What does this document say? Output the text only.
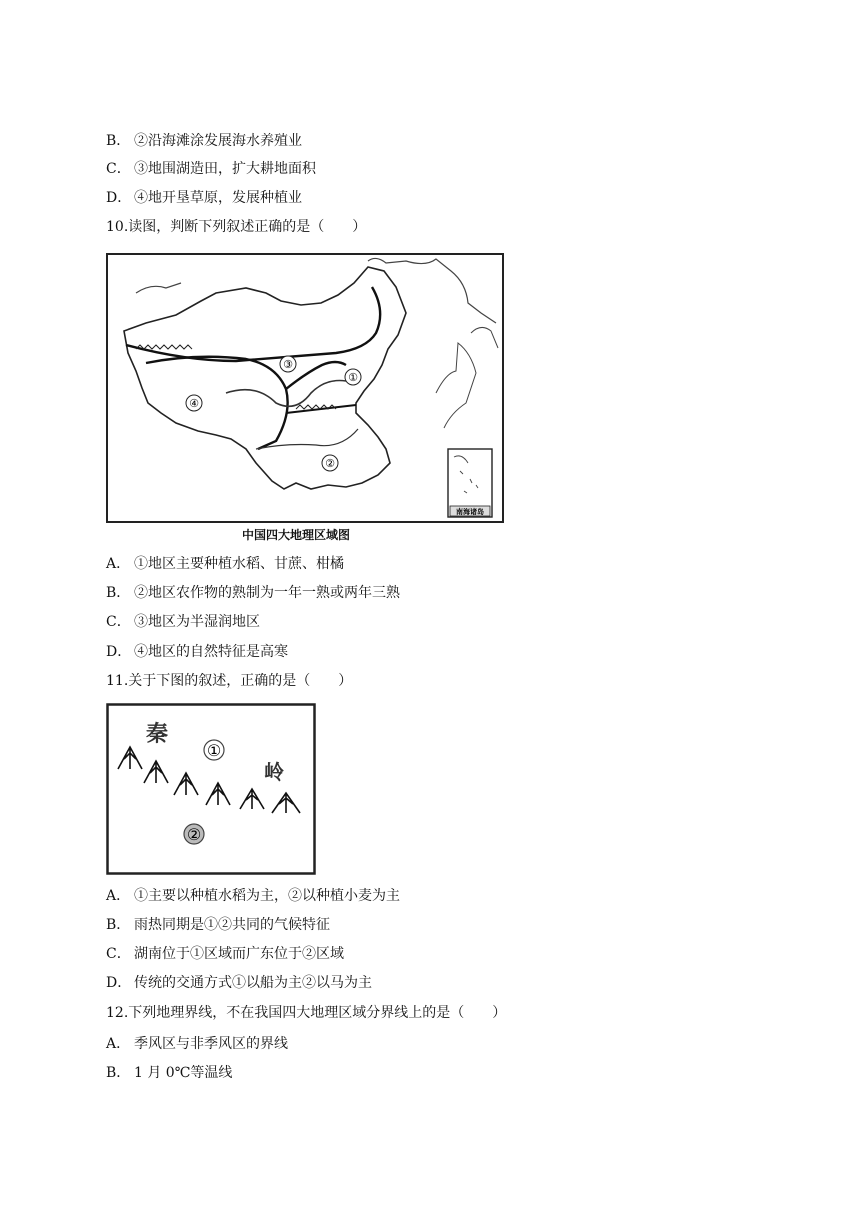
B． ②沿海滩涂发展海水养殖业
C． ③地围湖造田，扩大耕地面积
D． ④地开垦草原，发展种植业
10.读图，判断下列叙述正确的是（　　）
①
②
③
④
南海诸岛
中国四大地理区域图
A． ①地区主要种植水稻、甘蔗、柑橘
B． ②地区农作物的熟制为一年一熟或两年三熟
C． ③地区为半湿润地区
D． ④地区的自然特征是高寒
11.关于下图的叙述，正确的是（　　）
秦
岭
①
②
A． ①主要以种植水稻为主，②以种植小麦为主
B． 雨热同期是①②共同的气候特征
C． 湖南位于①区域而广东位于②区域
D． 传统的交通方式①以船为主②以马为主
12.下列地理界线，不在我国四大地理区域分界线上的是（　　）
A． 季风区与非季风区的界线
B． 1 月 0℃等温线
